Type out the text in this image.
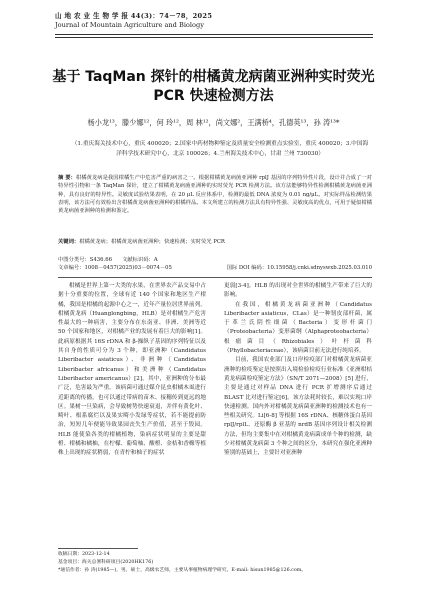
山 地 农 业 生 物 学 报 44(3)：74－78，2025
Journal of Mountain Agriculture and Biology
基于 TaqMan 探针的柑橘黄龙病菌亚洲种实时荧光 PCR 快速检测方法
杨小龙¹³，滕少娜¹²，何 玲¹²，周 林¹²，尚文娜²，王满桥⁴，孔德英¹³，孙 涛¹³*
（1.重庆海关技术中心，重庆 400020；2.国家中药材物种鉴定及质量安全检测重点实验室，重庆 400020；3.中国海洋科学技术研究中心，北京 100026；4.兰州海关技术中心，甘肃 兰州 730030）
摘 要：柑橘黄龙病是我国柑橘生产中危害严重的病害之一。根据柑橘黄龙病菌亚洲种 rplJ 基因的序列特异性片段，设计并合成了一对特异性引物和一条 TaqMan 探针，建立了柑橘黄龙病菌亚洲种的实时荧光 PCR 检测方法。该方法能够特异性检测柑橘黄龙病菌亚洲种，具有良好的特异性。灵敏度试验结果表明，在 20 μL 反应体系中，检测的最低 DNA 浓度为 0.01 ng/μL。对实际样品检测结果表明，该方法可有效检出含柑橘黄龙病菌亚洲种的柑橘样品。本文所建立的检测方法具有特异性强、灵敏度高的优点，可用于疑似柑橘黄龙病菌亚洲种的检测和鉴定。
关键词：柑橘黄龙病；柑橘黄龙病菌亚洲种；快速检测；实时荧光 PCR
中图分类号：S436.66 文献标识码：A
文章编号：1008－0457(2025)03－0074－05	国际 DOI 编码：10.15958/j.cnki.sdnyswxb.2025.03.010

柑橘是世界上第一大类的水果，在世界农产品交易中占据十分重要的位置，全球有近 140 个国家和地区生产柑橘，我国是柑橘的起源中心之一，近年产量位居世界前列。柑橘黄龙病（Huanglongbing，HLB）是对柑橘生产危害性最大的一种病害，主要分布在东南亚、非洲、美洲等近 50 个国家和地区，对柑橘产业的发展有着巨大的影响[1]。此病原根据其 16S rDNA 和 β-操纵子基因的序列特征以及其自身的性质可分为 3 个种，即亚洲种（Candidatus Liberibacter asiaticus）、非洲种（Candidatus Liberibacter africanus）和美洲种（Candidatus Liberibacter americanus）[2]。其中，亚洲种的分布最广泛，危害最为严重。该病菌可通过媒介昆虫柑橘木虱进行近距离的传播，也可以通过带病的苗木、接穗传到更远的地区。果树一旦染病，会导致树势快速衰退，并伴有黄化叶、畸叶、根系腐烂以及果实畸小发绿等症状，若不能提前防治，短短几年便能导致果园丧失生产价值，甚至于毁园。HLB 能使染各类的柑橘植物，染病症状明显的主要是甜橙、柑橘和橘柚，在柠檬、葡萄柚、酸橙、金桔和香橼等植株上出现的症状稍弱，在青柠和柚子的症状

更弱[3-4]。HLB 的出现对全世界的柑橘生产带来了巨大的影响。

在我国，柑橘黄龙病菌亚洲种（Candidatus Liberibacter asiaticus，CLas）是一种韧皮部杆菌，属于革兰氏阴性细菌（Bacteria）变形杆菌门（Proteobacteria）变形菌纲（Alphaproteobacteria）根瘤菌目（Rhizobiales）叶杆菌科（Phyllobacteriaceae），该病菌目前无法进行纯培养。

目前，我国农业部门及口岸检疫部门对柑橘黄龙病菌亚洲种的检疫鉴定是按照出入境检验检疫行业标准《亚洲柑桔黄龙病菌检疫鉴定方法》（SN/T 2071—2008）[5] 进行，主要是通过对样品 DNA 进行 PCR 扩增测序后通过 BLAST 比对进行鉴定[6]。该方法耗时较长，难以实现口岸快速检测。国内外对柑橘黄龙病菌亚洲种的检测技术也有一些相关研究。Li[6-8] 等根据 16S rDNA、核糖体蛋白基因 rplJ/rplL、还原酶 β 亚基的 nrdB 基因序列设计相关检测方法，但均主要集中在对柑橘黄龙病菌成单个种的检测，缺少对柑橘黄龙病菌 3 个种之间的区分，本研究在强化亚洲种鉴别的基础上，主要针对亚洲种

收稿日期：2023-12-14
基金项目：海关总署科研项目(2020HK176)
*通信作者：孙 涛(1985—)，男，硕士，高级农艺师，主要从事植物病理学研究，E-mail: hisun1985@126.com。
